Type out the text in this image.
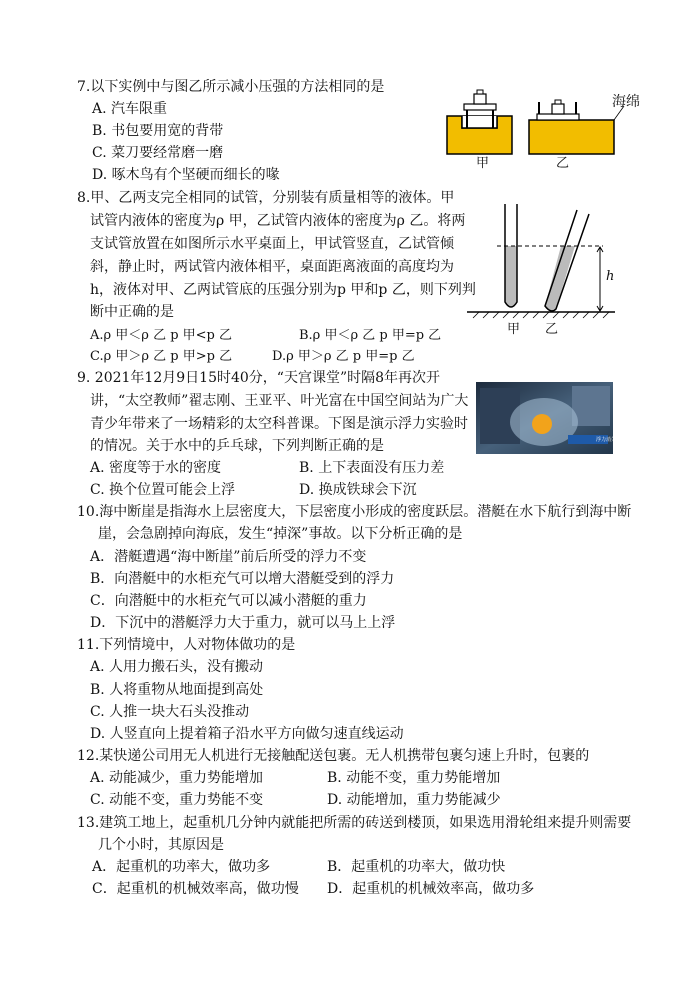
7.以下实例中与图乙所示减小压强的方法相同的是
A. 汽车限重
B. 书包要用宽的背带
C. 菜刀要经常磨一磨
D. 啄木鸟有个坚硬而细长的喙
甲	乙
海绵
8.甲、乙两支完全相同的试管，分别装有质量相等的液体。甲
试管内液体的密度为ρ 甲，乙试管内液体的密度为ρ 乙。将两
支试管放置在如图所示水平桌面上，甲试管竖直，乙试管倾
斜，静止时，两试管内液体相平，桌面距离液面的高度均为
h，液体对甲、乙两试管底的压强分别为p 甲和p 乙，则下列判
断中正确的是
A.ρ 甲＜ρ 乙 p 甲<p 乙	B.ρ 甲＜ρ 乙 p 甲=p 乙
C.ρ 甲＞ρ 乙 p 甲>p 乙	D.ρ 甲＞ρ 乙 p 甲=p 乙
甲 乙
h
9. 2021年12月9日15时40分，“天宫课堂”时隔8年再次开
讲，“太空教师”翟志刚、王亚平、叶光富在中国空间站为广大
青少年带来了一场精彩的太空科普课。下图是演示浮力实验时
的情况。关于水中的乒乓球，下列判断正确的是
A. 密度等于水的密度	B. 上下表面没有压力差
C. 换个位置可能会上浮	D. 换成铁球会下沉
浮力消失实验
10.海中断崖是指海水上层密度大，下层密度小形成的密度跃层。潜艇在水下航行到海中断
崖，会急剧掉向海底，发生“掉深”事故。以下分析正确的是
A．潜艇遭遇“海中断崖”前后所受的浮力不变
B．向潜艇中的水柜充气可以增大潜艇受到的浮力
C．向潜艇中的水柜充气可以减小潜艇的重力
D．下沉中的潜艇浮力大于重力，就可以马上上浮
11.下列情境中，人对物体做功的是
A. 人用力搬石头，没有搬动
B. 人将重物从地面提到高处
C. 人推一块大石头没推动
D. 人竖直向上提着箱子沿水平方向做匀速直线运动
12.某快递公司用无人机进行无接触配送包裹。无人机携带包裹匀速上升时，包裹的
A. 动能减少，重力势能增加	B. 动能不变，重力势能增加
C. 动能不变，重力势能不变	D. 动能增加，重力势能减少
13.建筑工地上，起重机几分钟内就能把所需的砖送到楼顶，如果选用滑轮组来提升则需要
几个小时，其原因是
A．起重机的功率大，做功多	B．起重机的功率大，做功快
C．起重机的机械效率高，做功慢 D．起重机的机械效率高，做功多
